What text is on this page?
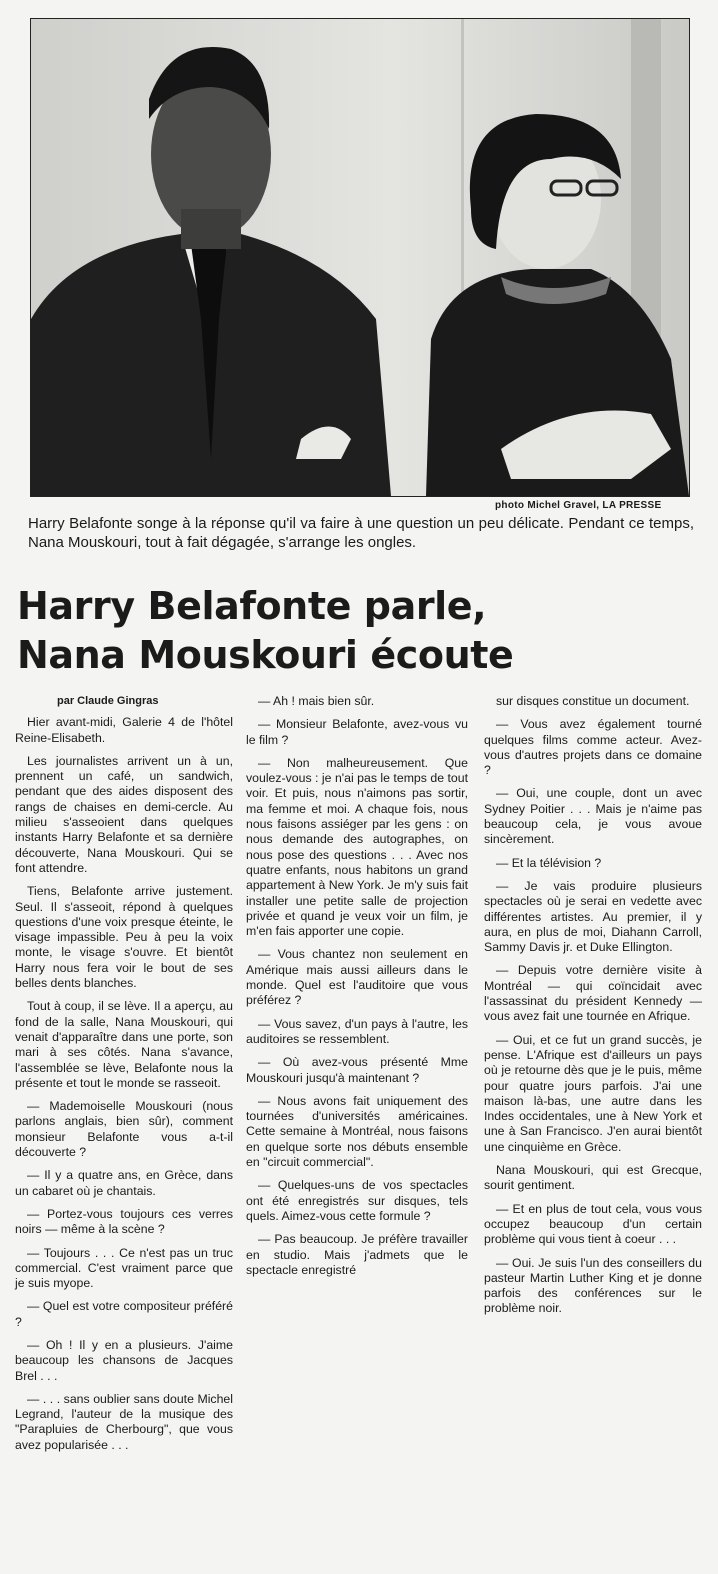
photo Michel Gravel, LA PRESSE
Harry Belafonte songe à la réponse qu'il va faire à une question un peu délicate. Pendant ce temps, Nana Mouskouri, tout à fait dégagée, s'arrange les ongles.
Harry Belafonte parle,
Nana Mouskouri écoute

par Claude Gingras

Hier avant-midi, Galerie 4 de l'hôtel Reine-Elisabeth.

Les journalistes arrivent un à un, prennent un café, un sandwich, pendant que des aides disposent des rangs de chaises en demi-cercle. Au milieu s'asseoient dans quelques instants Harry Belafonte et sa dernière découverte, Nana Mouskouri. Qui se font attendre.

Tiens, Belafonte arrive justement. Seul. Il s'asseoit, répond à quelques questions d'une voix presque éteinte, le visage impassible. Peu à peu la voix monte, le visage s'ouvre. Et bientôt Harry nous fera voir le bout de ses belles dents blanches.

Tout à coup, il se lève. Il a aperçu, au fond de la salle, Nana Mouskouri, qui venait d'apparaître dans une porte, son mari à ses côtés. Nana s'avance, l'assemblée se lève, Belafonte nous la présente et tout le monde se rasseoit.

— Mademoiselle Mouskouri (nous parlons anglais, bien sûr), comment monsieur Belafonte vous a-t-il découverte ?

— Il y a quatre ans, en Grèce, dans un cabaret où je chantais.

— Portez-vous toujours ces verres noirs — même à la scène ?

— Toujours . . . Ce n'est pas un truc commercial. C'est vraiment parce que je suis myope.

— Quel est votre compositeur préféré ?

— Oh ! Il y en a plusieurs. J'aime beaucoup les chansons de Jacques Brel . . .

— . . . sans oublier sans doute Michel Legrand, l'auteur de la musique des "Parapluies de Cherbourg", que vous avez popularisée . . .

— Ah ! mais bien sûr.

— Monsieur Belafonte, avez-vous vu le film ?

— Non malheureusement. Que voulez-vous : je n'ai pas le temps de tout voir. Et puis, nous n'aimons pas sortir, ma femme et moi. A chaque fois, nous nous faisons assiéger par les gens : on nous demande des autographes, on nous pose des questions . . . Avec nos quatre enfants, nous habitons un grand appartement à New York. Je m'y suis fait installer une petite salle de projection privée et quand je veux voir un film, je m'en fais apporter une copie.

— Vous chantez non seulement en Amérique mais aussi ailleurs dans le monde. Quel est l'auditoire que vous préférez ?

— Vous savez, d'un pays à l'autre, les auditoires se ressemblent.

— Où avez-vous présenté Mme Mouskouri jusqu'à maintenant ?

— Nous avons fait uniquement des tournées d'universités américaines. Cette semaine à Montréal, nous faisons en quelque sorte nos débuts ensemble en "circuit commercial".

— Quelques-uns de vos spectacles ont été enregistrés sur disques, tels quels. Aimez-vous cette formule ?

— Pas beaucoup. Je préfère travailler en studio. Mais j'admets que le spectacle enregistré

sur disques constitue un document.

— Vous avez également tourné quelques films comme acteur. Avez-vous d'autres projets dans ce domaine ?

— Oui, une couple, dont un avec Sydney Poitier . . . Mais je n'aime pas beaucoup cela, je vous avoue sincèrement.

— Et la télévision ?

— Je vais produire plusieurs spectacles où je serai en vedette avec différentes artistes. Au premier, il y aura, en plus de moi, Diahann Carroll, Sammy Davis jr. et Duke Ellington.

— Depuis votre dernière visite à Montréal — qui coïncidait avec l'assassinat du président Kennedy — vous avez fait une tournée en Afrique.

— Oui, et ce fut un grand succès, je pense. L'Afrique est d'ailleurs un pays où je retourne dès que je le puis, même pour quatre jours parfois. J'ai une maison là-bas, une autre dans les Indes occidentales, une à New York et une à San Francisco. J'en aurai bientôt une cinquième en Grèce.

Nana Mouskouri, qui est Grecque, sourit gentiment.

— Et en plus de tout cela, vous vous occupez beaucoup d'un certain problème qui vous tient à coeur . . .

— Oui. Je suis l'un des conseillers du pasteur Martin Luther King et je donne parfois des conférences sur le problème noir.
